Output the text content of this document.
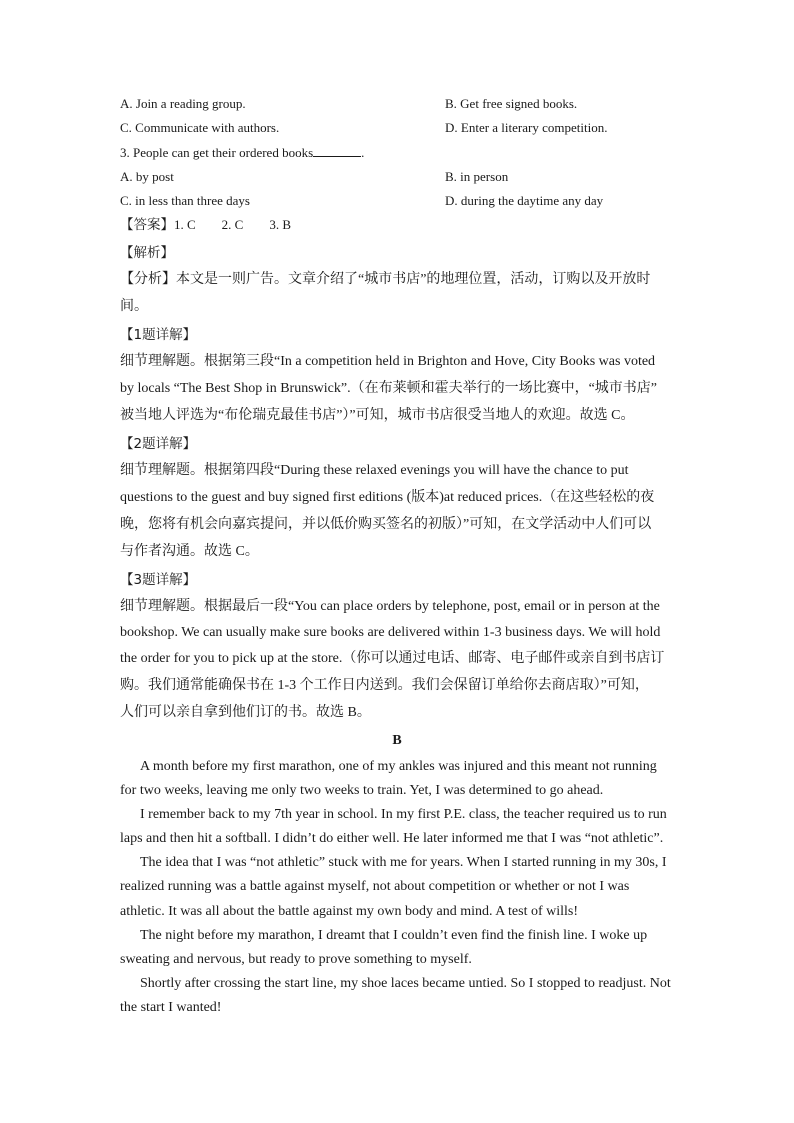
A. Join a reading group.	B. Get free signed books.
C. Communicate with authors.	D. Enter a literary competition.
3. People can get their ordered books	.
A. by post	B. in person
C. in less than three days	D. during the daytime any day
【答案】1. C 2. C 3. B
【解析】
【分析】本文是一则广告。文章介绍了“城市书店”的地理位置，活动，订购以及开放时
间。
【1题详解】
细节理解题。根据第三段“In a competition held in Brighton and Hove, City Books was voted
by locals “The Best Shop in Brunswick”.（在布莱顿和霍夫举行的一场比赛中，“城市书店”
被当地人评选为“布伦瑞克最佳书店”）”可知，城市书店很受当地人的欢迎。故选 C。
【2题详解】
细节理解题。根据第四段“During these relaxed evenings you will have the chance to put
questions to the guest and buy signed first editions (版本)at reduced prices.（在这些轻松的夜
晚，您将有机会向嘉宾提问，并以低价购买签名的初版）”可知，在文学活动中人们可以
与作者沟通。故选 C。
【3题详解】
细节理解题。根据最后一段“You can place orders by telephone, post, email or in person at the
bookshop. We can usually make sure books are delivered within 1-3 business days. We will hold
the order for you to pick up at the store.（你可以通过电话、邮寄、电子邮件或亲自到书店订
购。我们通常能确保书在 1-3 个工作日内送到。我们会保留订单给你去商店取）”可知，
人们可以亲自拿到他们订的书。故选 B。
B
A month before my first marathon, one of my ankles was injured and this meant not running
for two weeks, leaving me only two weeks to train. Yet, I was determined to go ahead.
I remember back to my 7th year in school. In my first P.E. class, the teacher required us to run
laps and then hit a softball. I didn’t do either well. He later informed me that I was “not athletic”.
The idea that I was “not athletic” stuck with me for years. When I started running in my 30s, I
realized running was a battle against myself, not about competition or whether or not I was
athletic. It was all about the battle against my own body and mind. A test of wills!
The night before my marathon, I dreamt that I couldn’t even find the finish line. I woke up
sweating and nervous, but ready to prove something to myself.
Shortly after crossing the start line, my shoe laces became untied. So I stopped to readjust. Not
the start I wanted!
